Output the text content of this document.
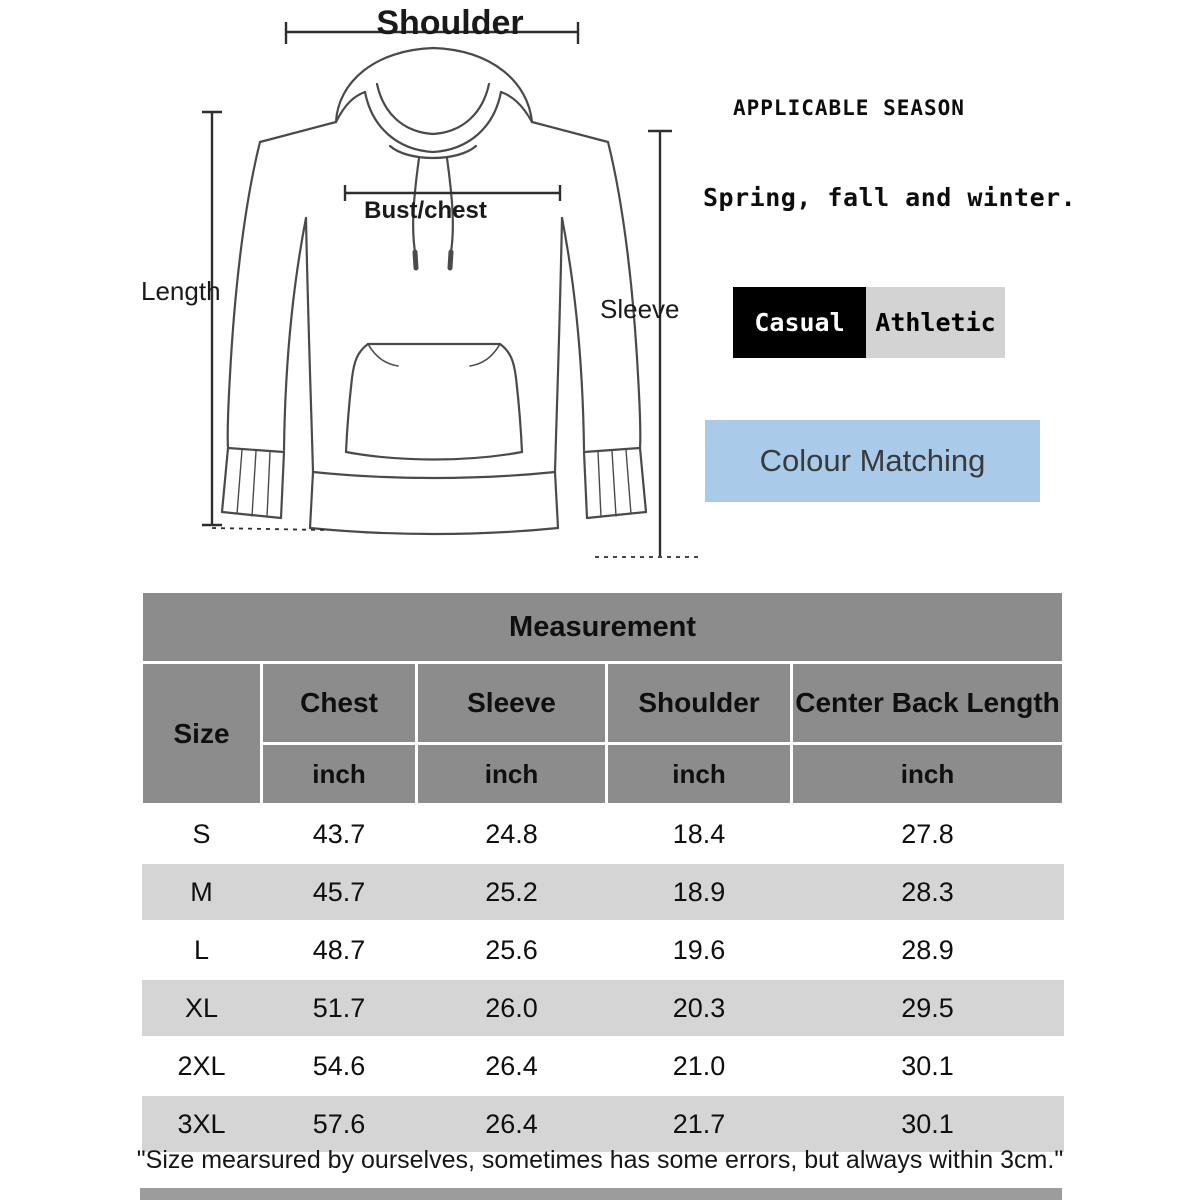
Shoulder
Bust/chest
Length
Sleeve
APPLICABLE SEASON
Spring, fall and winter.
Casual	Athletic
Colour Matching
Measurement				
Size	Chest	Sleeve	Shoulder	Center Back Length
	inch	inch	inch	inch
S	43.7	24.8	18.4	27.8
M	45.7	25.2	18.9	28.3
L	48.7	25.6	19.6	28.9
XL	51.7	26.0	20.3	29.5
2XL	54.6	26.4	21.0	30.1
3XL	57.6	26.4	21.7	30.1
"Size mearsured by ourselves, sometimes has some errors, but always within 3cm."
